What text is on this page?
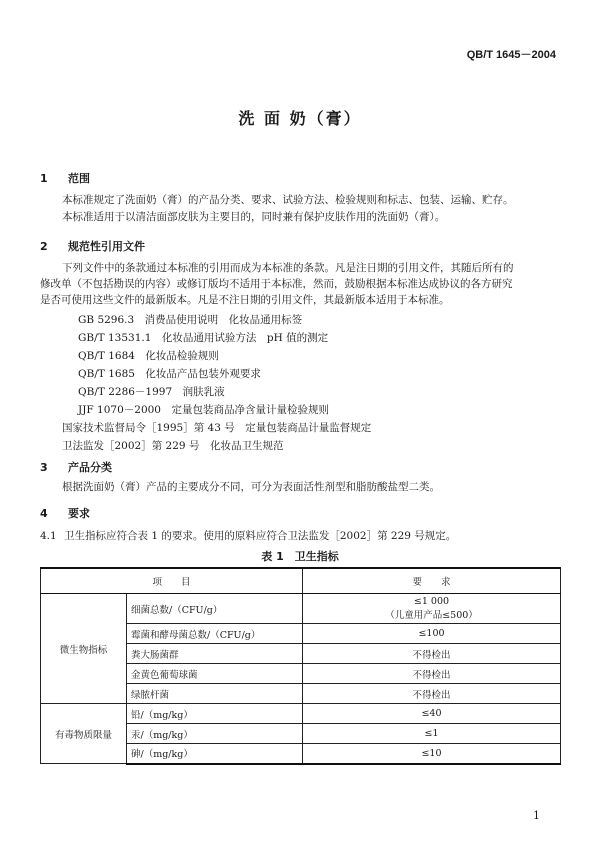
QB/T 1645－2004
洗 面 奶（膏）
1 范围
本标准规定了洗面奶（膏）的产品分类、要求、试验方法、检验规则和标志、包装、运输、贮存。
本标准适用于以清洁面部皮肤为主要目的，同时兼有保护皮肤作用的洗面奶（膏）。
2 规范性引用文件
下列文件中的条款通过本标准的引用而成为本标准的条款。凡是注日期的引用文件，其随后所有的
修改单（不包括勘误的内容）或修订版均不适用于本标准，然而，鼓励根据本标准达成协议的各方研究
是否可使用这些文件的最新版本。凡是不注日期的引用文件，其最新版本适用于本标准。
GB 5296.3　消费品使用说明　化妆品通用标签
GB/T 13531.1　化妆品通用试验方法　pH 值的测定
QB/T 1684　化妆品检验规则
QB/T 1685　化妆品产品包装外观要求
QB/T 2286－1997　润肤乳液
JJF 1070－2000　定量包装商品净含量计量检验规则
国家技术监督局令［1995］第 43 号　定量包装商品计量监督规定
卫法监发［2002］第 229 号　化妆品卫生规范
3 产品分类
根据洗面奶（膏）产品的主要成分不同，可分为表面活性剂型和脂肪酸盐型二类。
4 要求
4.1 卫生指标应符合表 1 的要求。使用的原料应符合卫法监发［2002］第 229 号规定。
表 1　卫生指标
项　　目		要　　求
微生物指标	细菌总数/（CFU/g）	≤1 000
（儿童用产品≤500）

	霉菌和酵母菌总数/（CFU/g）	≤100
	粪大肠菌群	不得检出
	金黄色葡萄球菌	不得检出
	绿脓杆菌	不得检出
有毒物质限量	铅/（mg/kg）	≤40
	汞/（mg/kg）	≤1
	砷/（mg/kg）	≤10
1
